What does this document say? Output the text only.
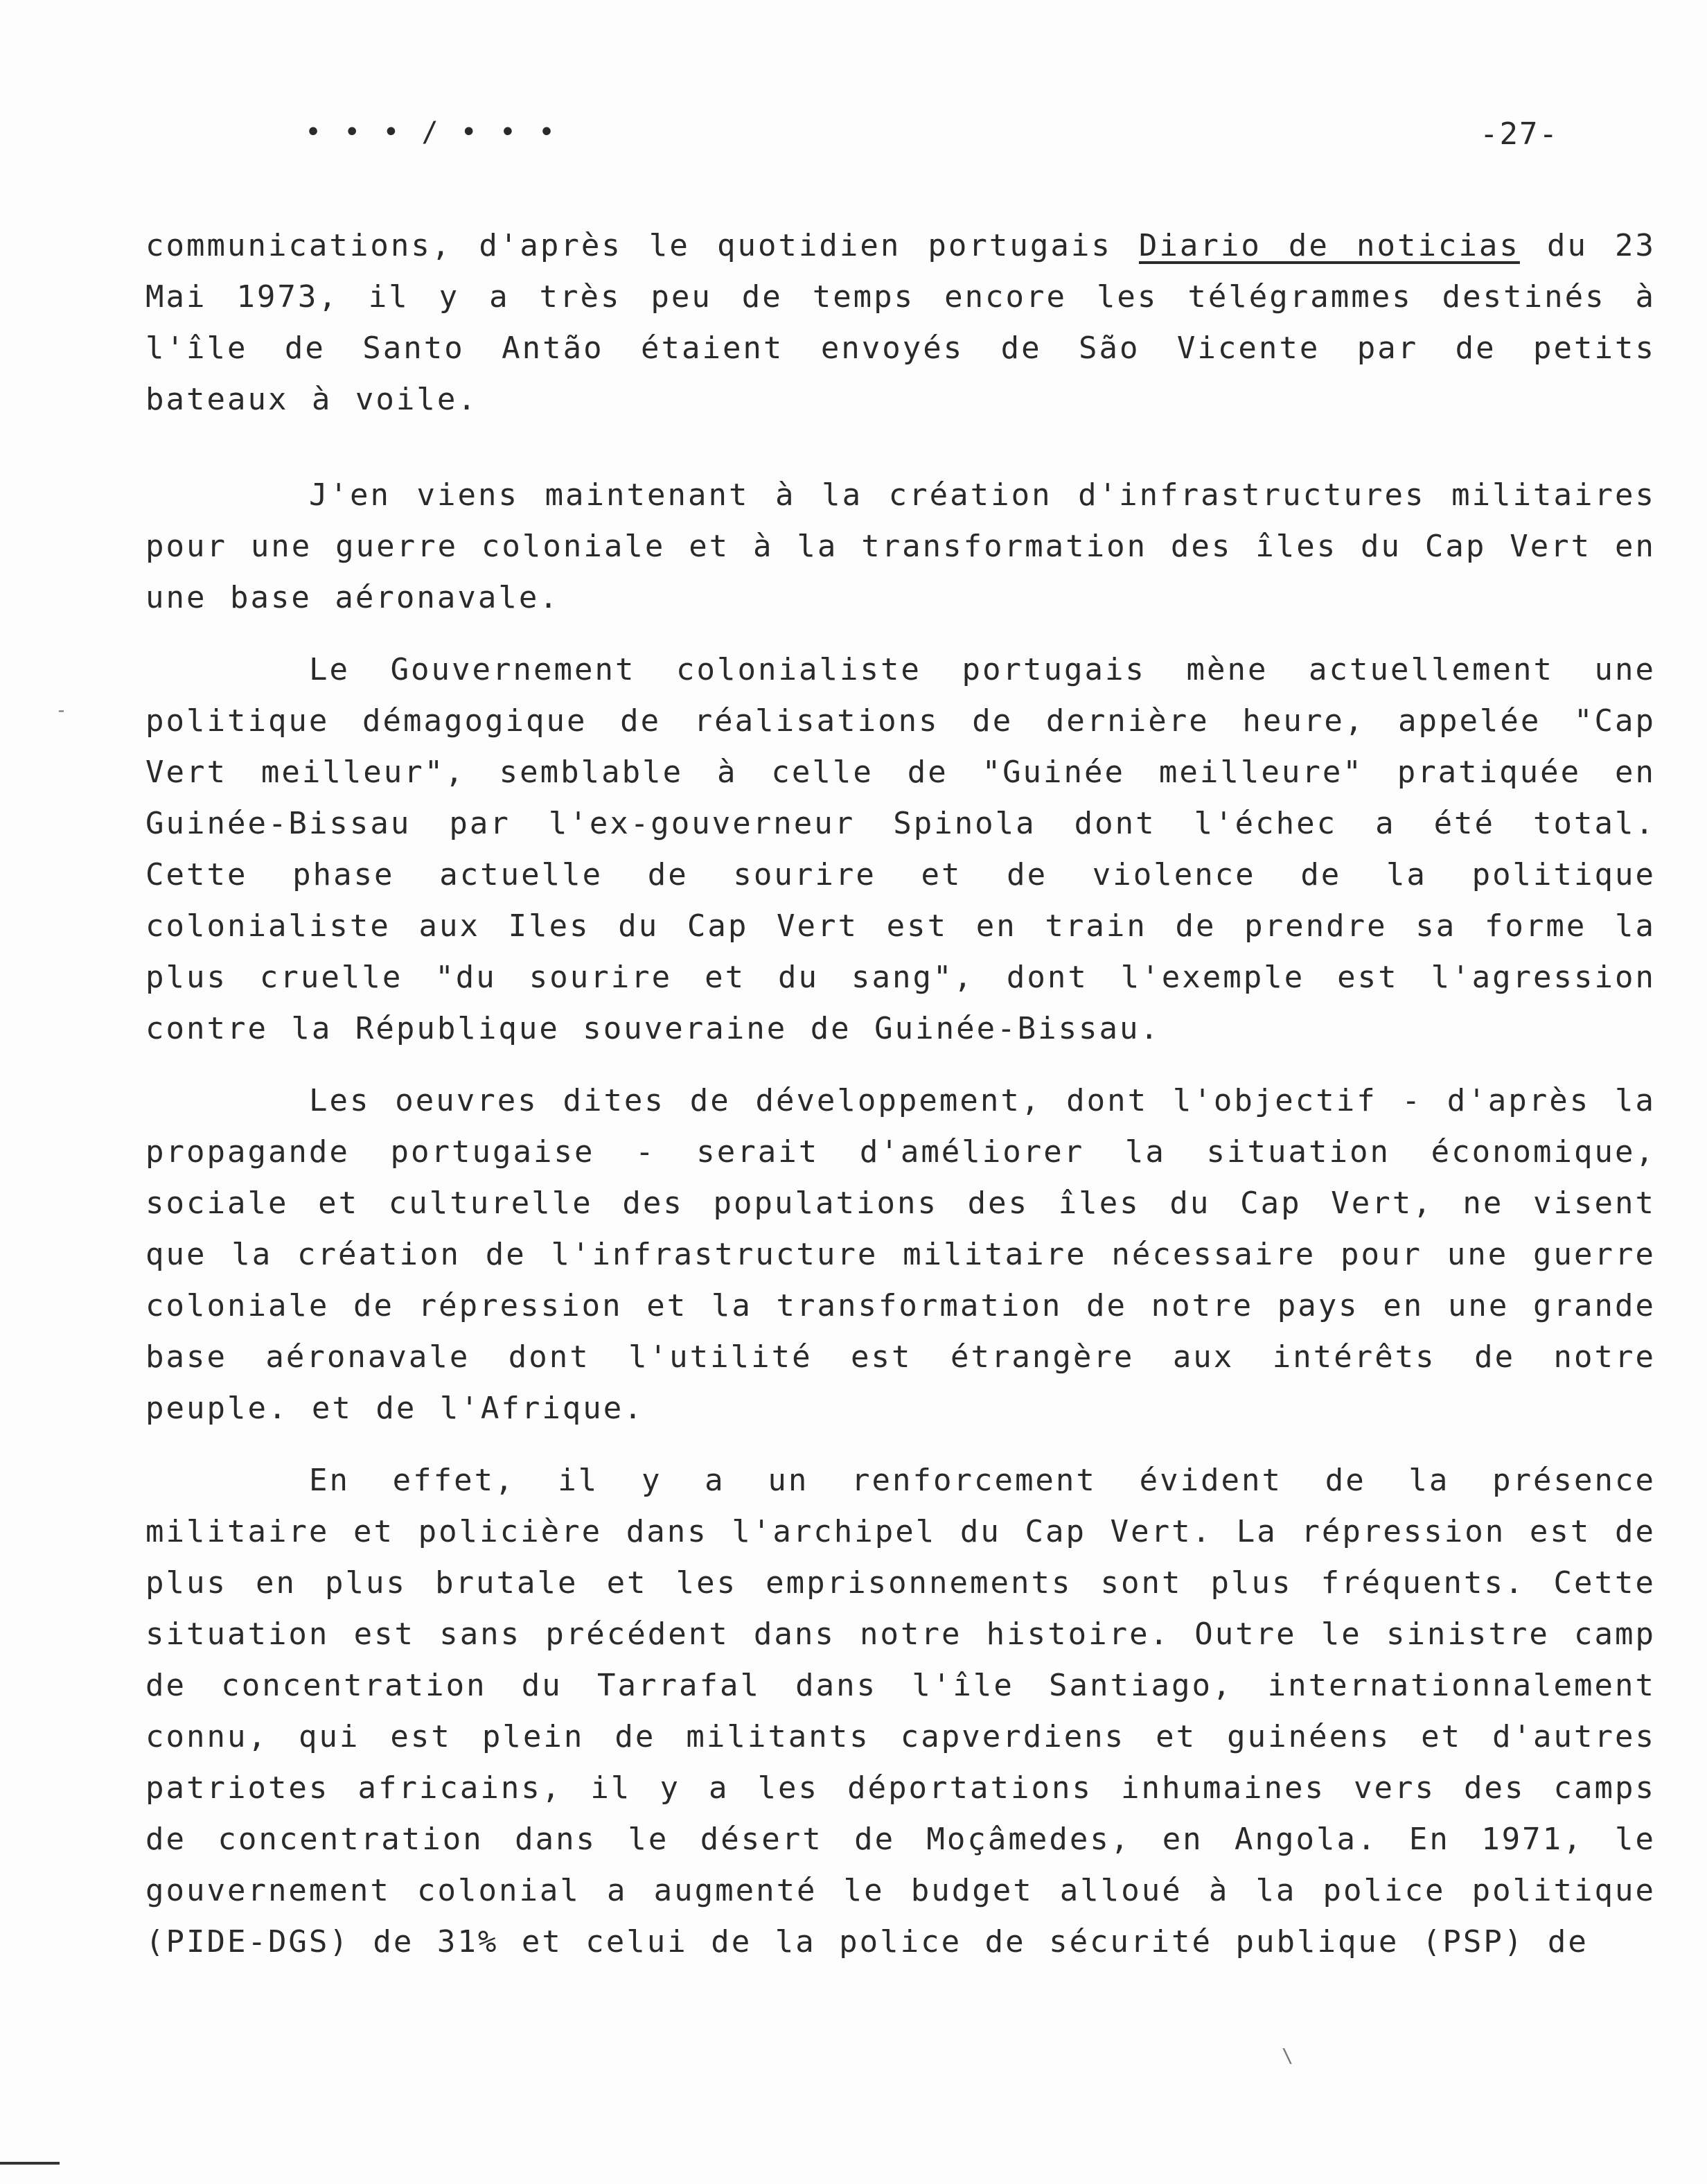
• • • / • • •	-27-

communications, d'après le quotidien portugais Diario de noticias du 23 Mai 1973, il y a très peu de temps encore les télégrammes destinés à l'île de Santo Antão étaient envoyés de São Vicente par de petits bateaux à voile.

J'en viens maintenant à la création d'infrastructures militaires pour une guerre coloniale et à la transformation des îles du Cap Vert en une base aéronavale.

Le Gouvernement colonialiste portugais mène actuellement une politique démagogique de réalisations de dernière heure, appelée "Cap Vert meilleur", semblable à celle de "Guinée meilleure" pratiquée en Guinée-Bissau par l'ex-gouverneur Spinola dont l'échec a été total. Cette phase actuelle de sourire et de violence de la politique colonialiste aux Iles du Cap Vert est en train de prendre sa forme la plus cruelle "du sourire et du sang", dont l'exemple est l'agression contre la République souveraine de Guinée-Bissau.

Les oeuvres dites de développement, dont l'objectif - d'après la propagande portugaise - serait d'améliorer la situation économique, sociale et culturelle des populations des îles du Cap Vert, ne visent que la création de l'infrastructure militaire nécessaire pour une guerre coloniale de répression et la transformation de notre pays en une grande base aéronavale dont l'utilité est étrangère aux intérêts de notre peuple. et de l'Afrique.

En effet, il y a un renforcement évident de la présence militaire et policière dans l'archipel du Cap Vert. La répression est de plus en plus brutale et les emprisonnements sont plus fréquents. Cette situation est sans précédent dans notre histoire. Outre le sinistre camp de concentration du Tarrafal dans l'île Santiago, internationnalement connu, qui est plein de militants capverdiens et guinéens et d'autres patriotes africains, il y a les déportations inhumaines vers des camps de concentration dans le désert de Moçâmedes, en Angola. En 1971, le gouvernement colonial a augmenté le budget alloué à la police politique (PIDE-DGS) de 31% et celui de la police de sécurité publique (PSP) de

-
\
